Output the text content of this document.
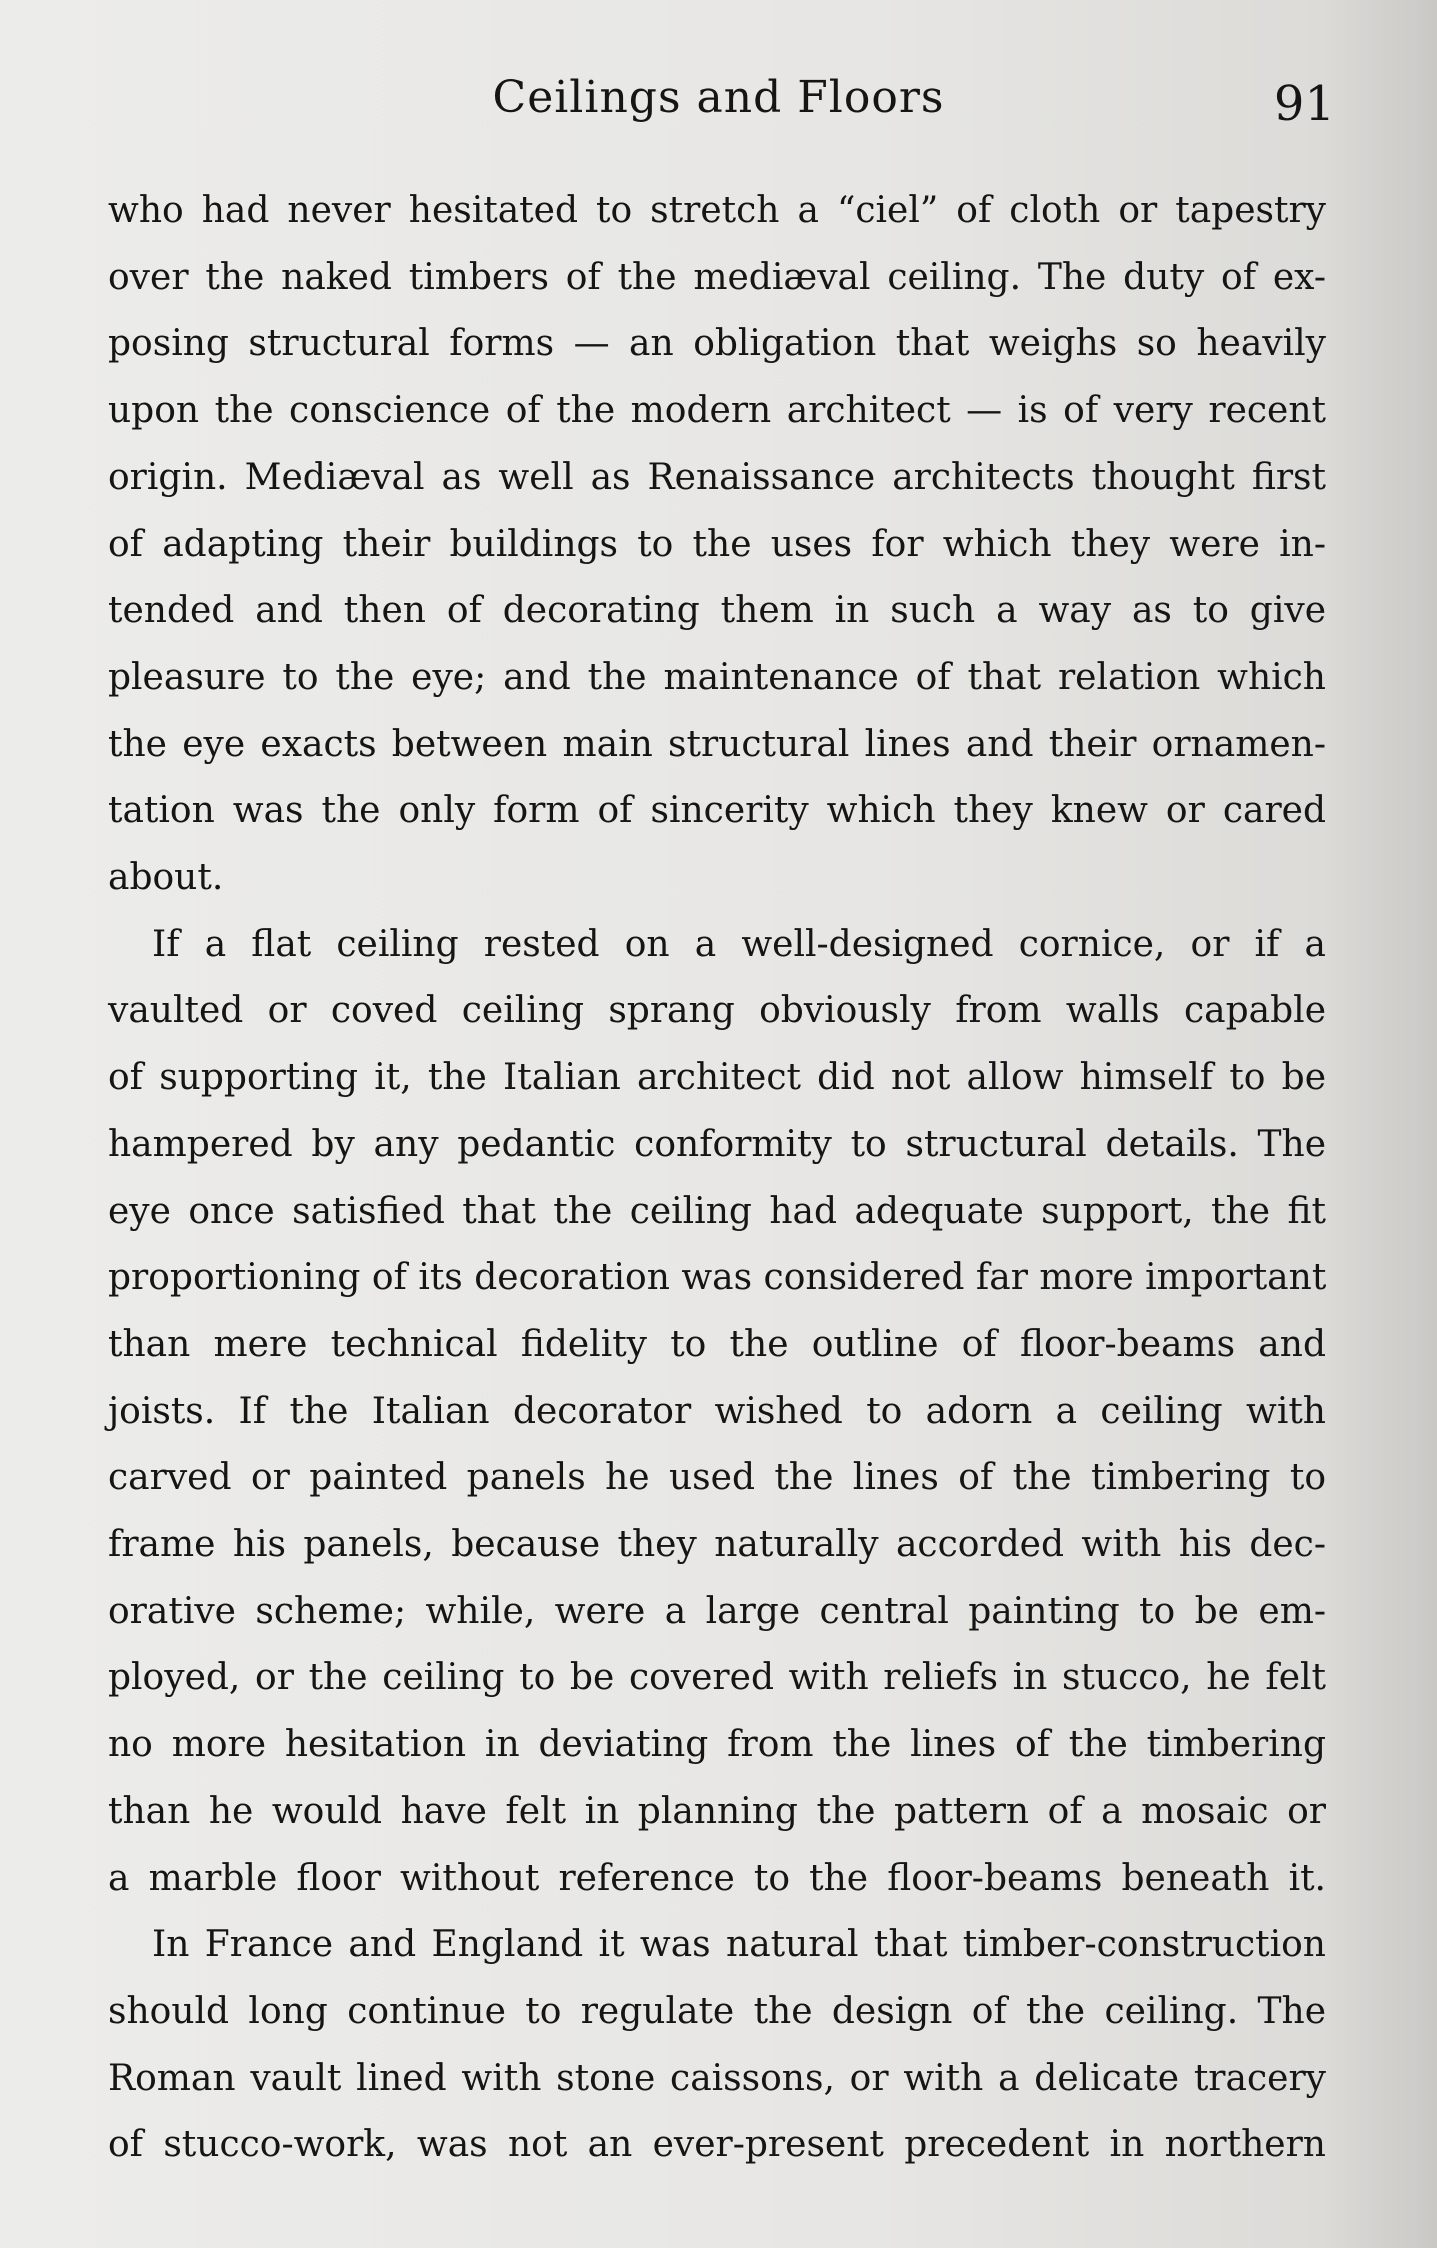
Ceilings and Floors	91

who had never hesitated to stretch a “ciel” of cloth or tapestry
over the naked timbers of the mediæval ceiling. The duty of ex-
posing structural forms — an obligation that weighs so heavily
upon the conscience of the modern architect — is of very recent
origin. Mediæval as well as Renaissance architects thought first
of adapting their buildings to the uses for which they were in-
tended and then of decorating them in such a way as to give
pleasure to the eye; and the maintenance of that relation which
the eye exacts between main structural lines and their ornamen-
tation was the only form of sincerity which they knew or cared
about.

If a flat ceiling rested on a well-designed cornice, or if a
vaulted or coved ceiling sprang obviously from walls capable
of supporting it, the Italian architect did not allow himself to be
hampered by any pedantic conformity to structural details. The
eye once satisfied that the ceiling had adequate support, the fit
proportioning of its decoration was considered far more important
than mere technical fidelity to the outline of floor-beams and
joists. If the Italian decorator wished to adorn a ceiling with
carved or painted panels he used the lines of the timbering to
frame his panels, because they naturally accorded with his dec-
orative scheme; while, were a large central painting to be em-
ployed, or the ceiling to be covered with reliefs in stucco, he felt
no more hesitation in deviating from the lines of the timbering
than he would have felt in planning the pattern of a mosaic or
a marble floor without reference to the floor-beams beneath it.

In France and England it was natural that timber-construction
should long continue to regulate the design of the ceiling. The
Roman vault lined with stone caissons, or with a delicate tracery
of stucco-work, was not an ever-present precedent in northern
